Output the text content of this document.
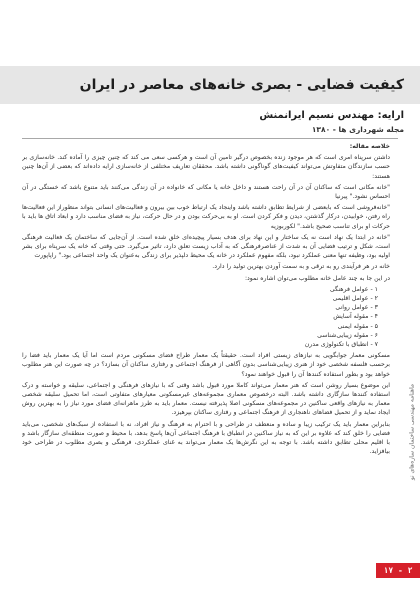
کیفیت فضایی - بصری خانه‌های معاصر در ایران

ارایه: مهندس نسیم ایرانمنش

مجله شهرداری ها - ۱۳۸۰

خلاصه مقاله:

داشتن سرپناه امری است که هر موجود زنده بخصوص درگیر تامین آن است و هرکسی سعی می کند که چنین چیزی را آماده کند. خانه‌سازی بر حسب سازندگان متفاوتش می‌تواند کیفیت‌های گوناگونی داشته باشد. محققان تعاریف مختلفی از خانه‌سازی ارایه داده‌اند که بعضی از آن‌ها چنین هستند:

"خانه مکانی است که ساکنان آن در آن راحت هستند و داخل خانه یا مکانی که خانواده در آن زندگی می‌کنند باید متنوع باشد که خستگی در آن احساس نشود." پیرنیا

"خانه‌فروشی است که بابعضی از شرایط تطابق داشته باشد واینجاد یک ارتباط خوب بین بیرون و فعالیت‌های انسانی بتواند منظوراز این فعالیت‌ها راه رفتن، خوابیدن، درکار گذشتن، دیدن و فکر کردن است. او به بی‌حرکت بودن و در حال حرکت، نیاز به فضای مناسب دارد و ابعاد اتاق ها باید با حرکات او برای تناسب صحیح باشد." لکوربوزیه

"خانه در ابتدا یک نهاد است نه یک ساختار و این نهاد برای هدف بسیار پیچیده‌ای خلق شده است. از آن‌جایی که ساختمان یک فعالیت فرهنگی است، شکل و ترتیب فضایی آن به شدت از عناصرفرهنگی که به آداب زیست تعلق دارد، تاثیر می‌گیرد. حتی وقتی که خانه یک سرپناه برای بشر اولیه بود، وظیفه تنها معنی عملکرد نبود، بلکه مفهوم عملکرد در خانه یک محیط دلپذیر برای زندگی به‌عنوان یک واحد اجتماعی بود." راپاپورت

خانه در هر فرآیندی رو به ترقی و به سمت آوردن بهترین تولید را دارد.

در این جا به چند عامل خانه مطلوب می‌توان اشاره نمود:

۱ - عوامل فرهنگی
۲ - عوامل اقلیمی
۳ - عوامل روانی
۴ - مقوله آسایش
۵ - مقوله ایمنی
۶ - مقوله زیبایی‌شناسی
۷ - انطباق با تکنولوژی مدرن

مسکونی معمار جوابگویی به نیازهای زیستی افراد است. حقیقتاً یک معمار طراح فضای مسکونی مردم است اما آیا یک معمار باید فضا را برحسب فلسفه شخصی خود از هنری زیبایی‌شناسی بدون آگاهی از فرهنگ اجتماعی و رفتاری ساکنان آن بسازد؟ در چه صورت این هنر مطلوب خواهد بود و بطور استفاده کنندها آن را قبول خواهند نمود؟

این موضوع بسیار روشن است که هنر معمار می‌تواند کاملا مورد قبول باشد وقتی که با نیازهای فرهنگی و اجتماعی، سلیقه و خواسته و درک استفاده کنندها سازگاری داشته باشد. البته درخصوص معماری مجموعه‌های غیرمسکونی معیارهای متفاوتی است، اما تحمیل سلیقه شخصی معمار به نیازهای واقعی ساکنین در مجموعه‌های مسکونی اصلا پذیرفته نیست. معمار باید به طرز ماهرانه‌ای فضای مورد نیاز را به بهترین روش ایجاد نماید و از تحمیل فضاهای ناهنجاری از فرهنگ اجتماعی و رفتاری ساکنان بپرهیزد.

بنابراین معمار باید یک ترکیب زیبا و ساده و منعطف در طراحی و با احترام به فرهنگ و نیاز افراد، نه با استفاده از سبک‌های شخصی، می‌باید فضایی را خلق کند که علاوه بر این که به نیاز ساکنین در انطباق با فرهنگ اجتماعی آن‌ها پاسخ بدهد، با محیط و صورت منطقه‌ای سازگار باشد و با اقلیم محلی تطابق داشته باشد. با توجه به این نگرش‌ها یک معمار می‌تواند به غنای عملکردی، فرهنگی و بصری مطلوب در طراحی خود بیافزاید.	ماهنامه مهندسی ساختمان سازه‌های نو
۱۷ - ۲
